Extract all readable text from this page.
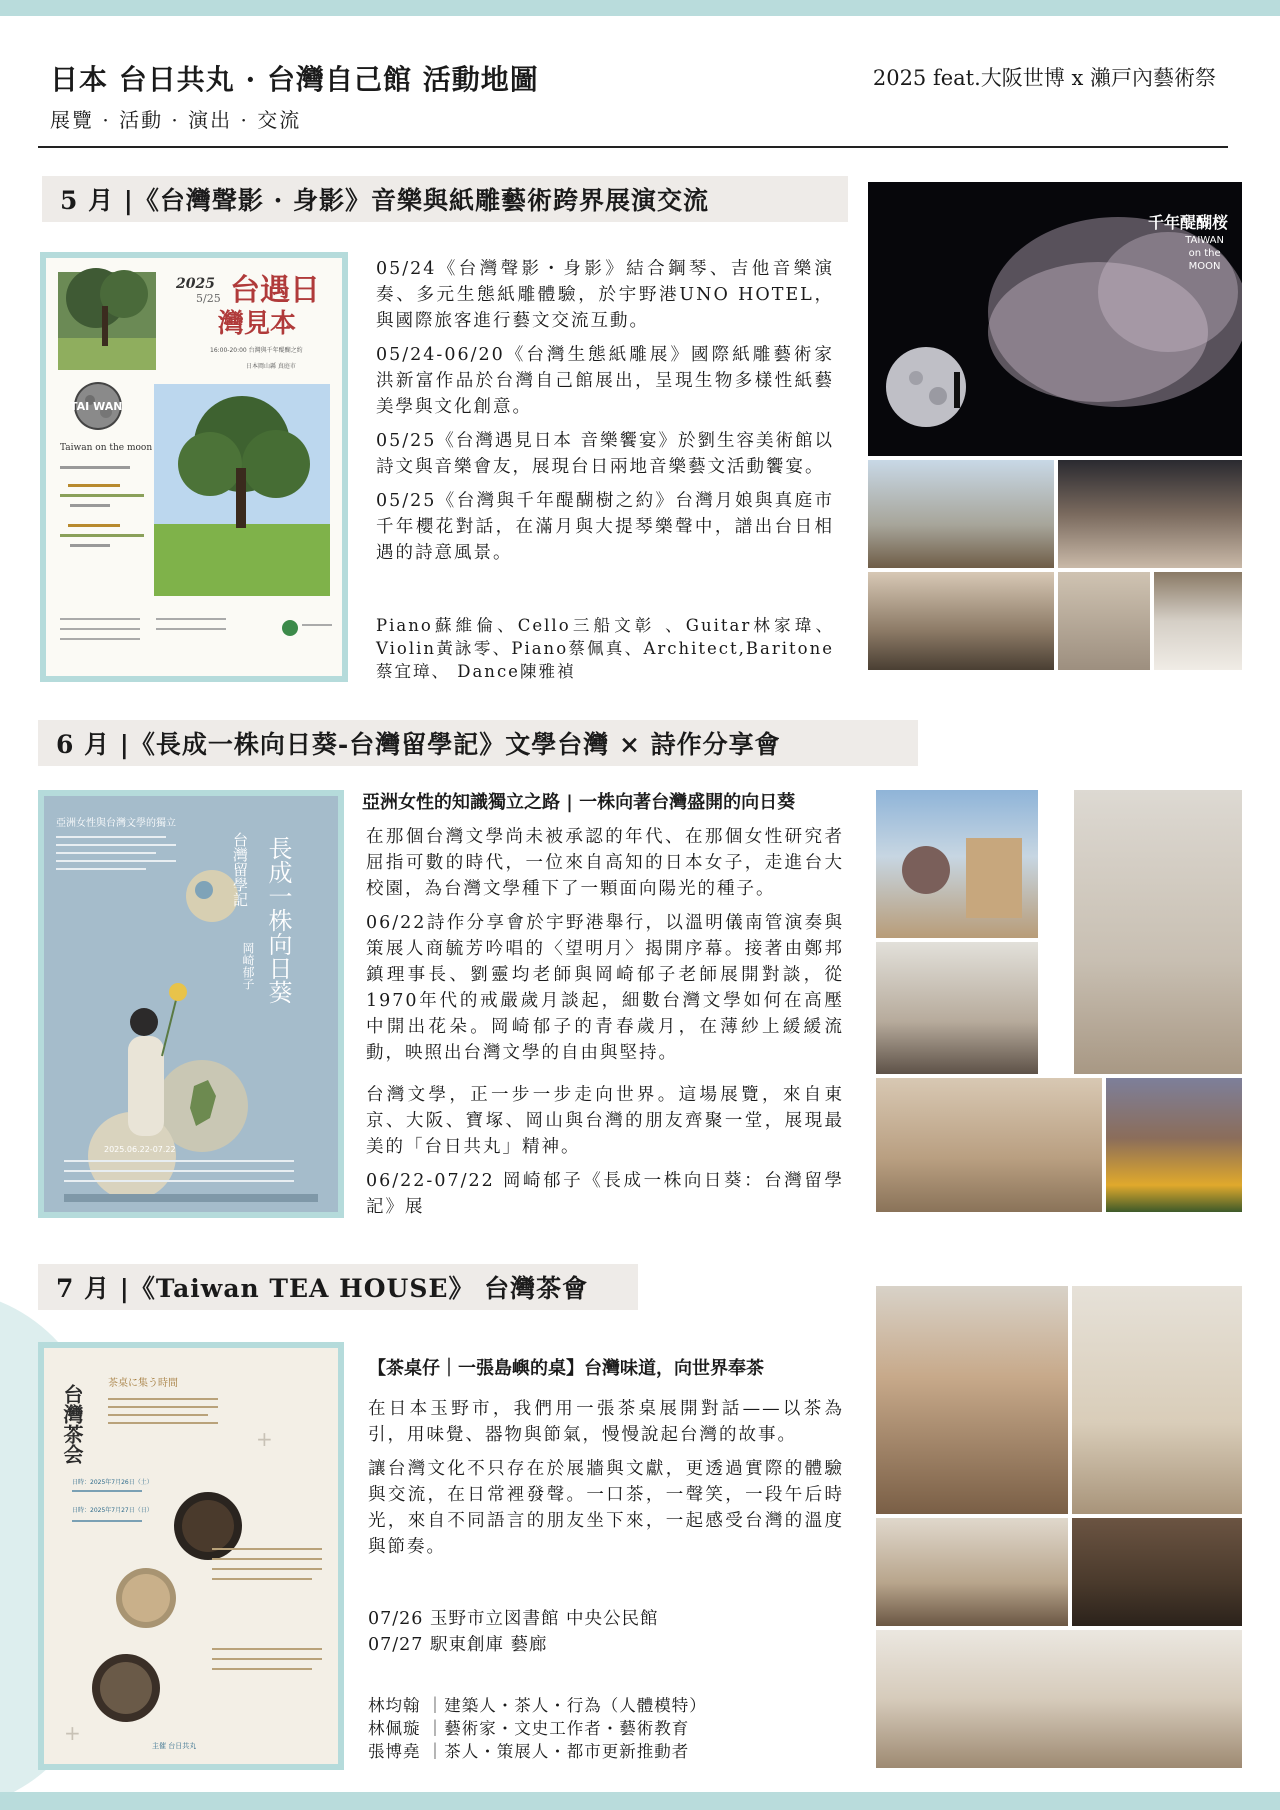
日本 台日共丸 · 台灣自己館 活動地圖
展覽 · 活動 · 演出 · 交流
2025 feat.大阪世博 x 瀨戸內藝術祭
5 月 |《台灣聲影 · 身影》音樂與紙雕藝術跨界展演交流
2025
5/25 台遇日
灣見本
16:00-20:00 台灣與千年醍醐之約
日本岡山縣 真庭市
TAI WAN
Taiwan on the moon

05/24《台灣聲影・身影》結合鋼琴、吉他音樂演奏、多元生態紙雕體驗，於宇野港UNO HOTEL，與國際旅客進行藝文交流互動。

05/24-06/20《台灣生態紙雕展》國際紙雕藝術家洪新富作品於台灣自己館展出，呈現生物多樣性紙藝美學與文化創意。

05/25《台灣遇見日本 音樂饗宴》於劉生容美術館以詩文與音樂會友，展現台日兩地音樂藝文活動饗宴。

05/25《台灣與千年醍醐樹之約》台灣月娘與真庭市千年櫻花對話，在滿月與大提琴樂聲中，譜出台日相遇的詩意風景。

Piano蘇維倫、Cello三船文彰 、Guitar林家瑋、Violin黃詠零、Piano蔡佩真、Architect,Baritone 蔡宜璋、 Dance陳雅禎

千年醍醐桜
TAIWAN
on the
MOON
6 月 |《長成一株向日葵-台灣留學記》文學台灣 × 詩作分享會
亞洲女性與台灣文學的獨立
長成一株向日葵
台灣留學記
岡崎郁子
2025.06.22-07.22
亞洲女性的知識獨立之路 | 一株向著台灣盛開的向日葵

在那個台灣文學尚未被承認的年代、在那個女性研究者屈指可數的時代，一位來自高知的日本女子，走進台大校園，為台灣文學種下了一顆面向陽光的種子。

06/22詩作分享會於宇野港舉行，以溫明儀南管演奏與策展人商毓芳吟唱的〈望明月〉揭開序幕。接著由鄭邦鎮理事長、劉靈均老師與岡崎郁子老師展開對談，從1970年代的戒嚴歲月談起，細數台灣文學如何在高壓中開出花朵。岡崎郁子的青春歲月，在薄紗上緩緩流動，映照出台灣文學的自由與堅持。

台灣文學，正一步一步走向世界。這場展覽，來自東京、大阪、寶塚、岡山與台灣的朋友齊聚一堂，展現最美的「台日共丸」精神。

06/22-07/22 岡崎郁子《長成一株向日葵：台灣留學記》展

7 月 |《Taiwan TEA HOUSE》 台灣茶會
台灣茶会
茶桌に集う時間
日時：2025年7月26日（土）
日時：2025年7月27日（日）
+
+
主催 台日共丸
【茶桌仔｜一張島嶼的桌】台灣味道，向世界奉茶

在日本玉野市，我們用一張茶桌展開對話——以茶為引，用味覺、器物與節氣，慢慢說起台灣的故事。

讓台灣文化不只存在於展牆與文獻，更透過實際的體驗與交流，在日常裡發聲。一口茶，一聲笑，一段午后時光，來自不同語言的朋友坐下來，一起感受台灣的溫度與節奏。

07/26 玉野市立図書館 中央公民館
07/27 駅東創庫 藝廊
林均翰 ｜建築人・茶人・行為（人體模特）
林佩璇 ｜藝術家・文史工作者・藝術教育
張博堯 ｜茶人・策展人・都市更新推動者
